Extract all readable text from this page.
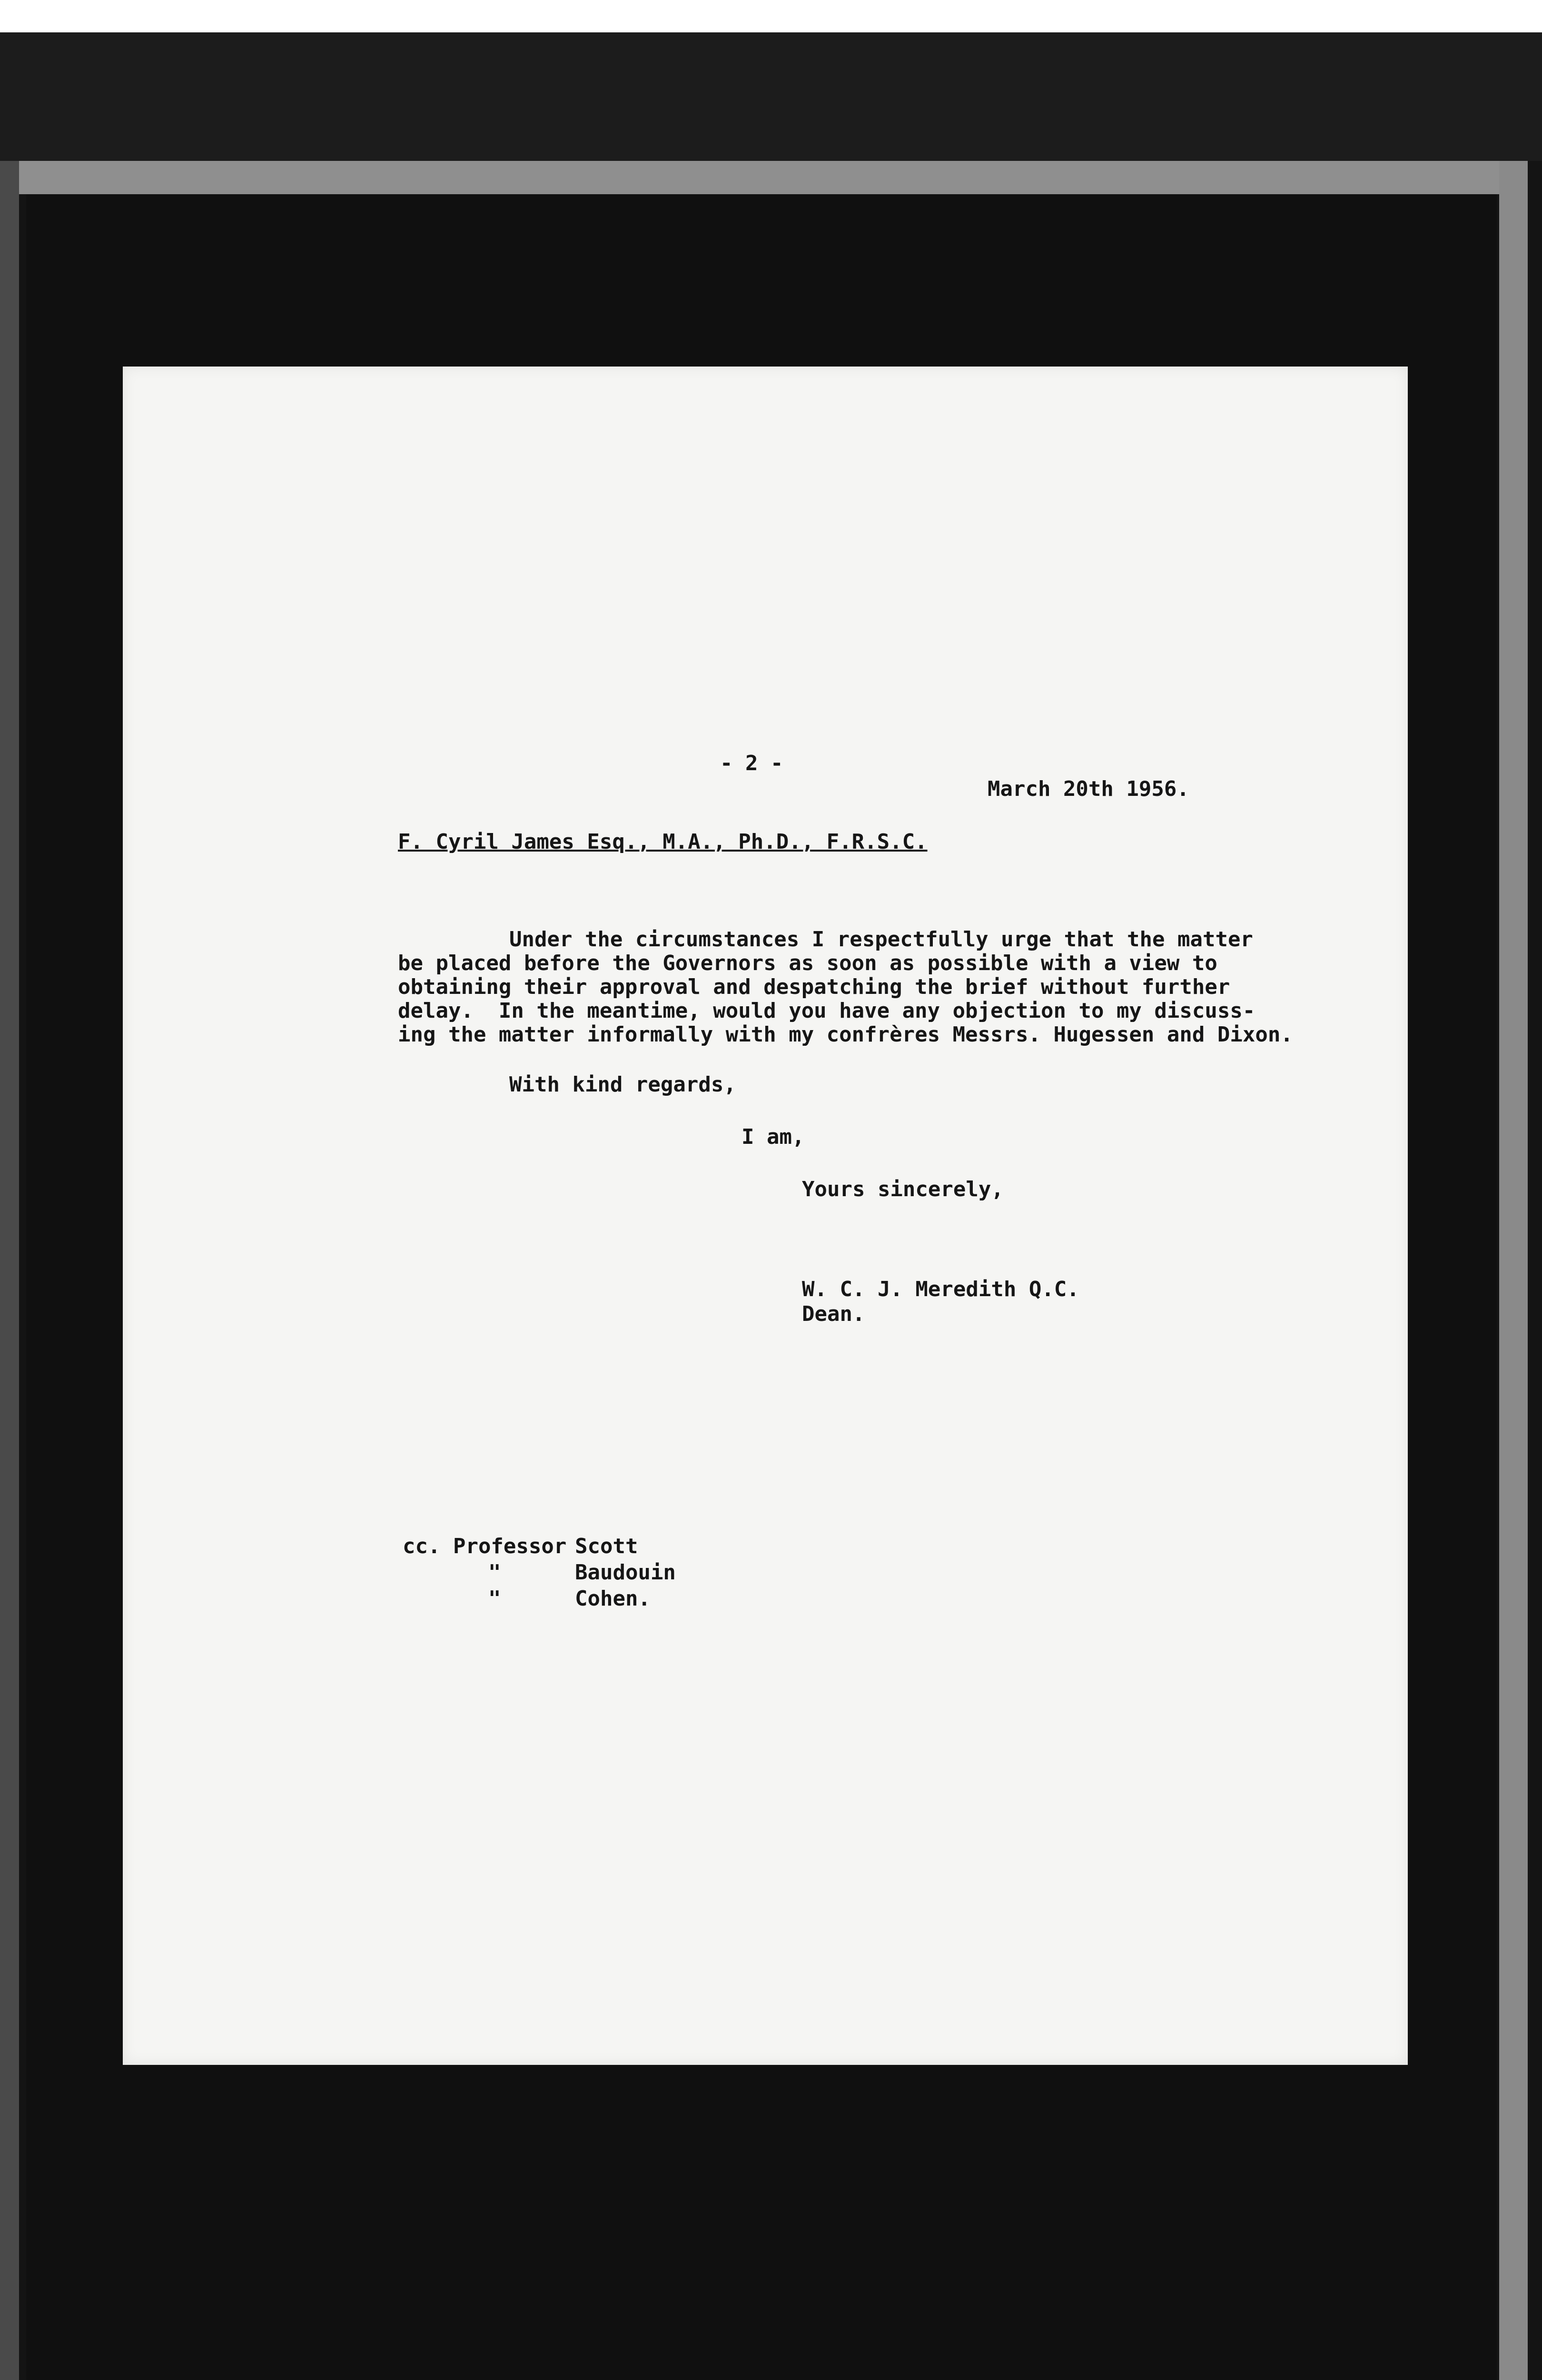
- 2 -
March 20th 1956.
F. Cyril James Esq., M.A., Ph.D., F.R.S.C.
Under the circumstances I respectfully urge that the matter
be placed before the Governors as soon as possible with a view to
obtaining their approval and despatching the brief without further
delay.  In the meantime, would you have any objection to my discuss-
ing the matter informally with my confrères Messrs. Hugessen and Dixon.
With kind regards,
I am,
Yours sincerely,
W. C. J. Meredith Q.C.
Dean.
cc. Professor Scott
"	Baudouin
"	Cohen.
